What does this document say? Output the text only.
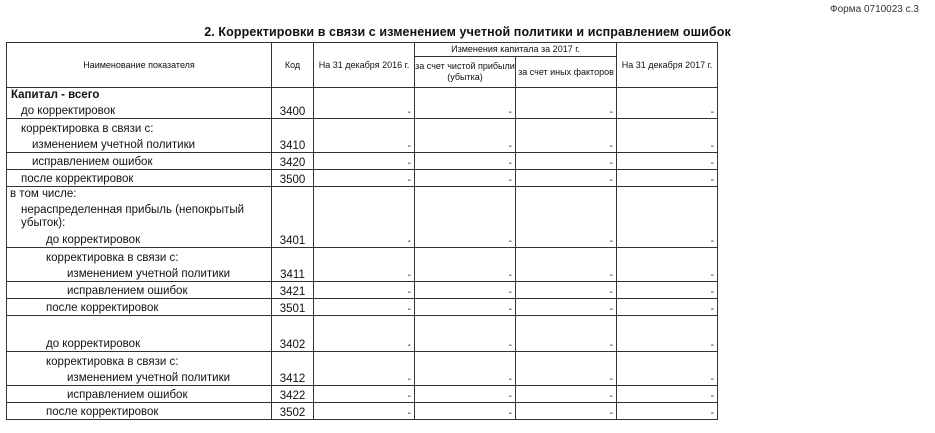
Форма 0710023 с.3
2. Корректировки в связи с изменением учетной политики и исправлением ошибок
Наименование показателя	Код	На 31 декабря 2016 г.	Изменения капитала за 2017 г.		На 31 декабря 2017 г.
			за счет чистой прибыли (убытка)	за счет иных факторов	
Капитал - всего					
до корректировок	3400	-	-	-	-
корректировка в связи с:					
изменением учетной политики	3410	-	-	-	-
исправлением ошибок	3420	-	-	-	-
после корректировок	3500	-	-	-	-
в том числе:					
нераспределенная прибыль (непокрытый убыток):					
до корректировок	3401	-	-	-	-
корректировка в связи с:					
изменением учетной политики	3411	-	-	-	-
исправлением ошибок	3421	-	-	-	-
после корректировок	3501	-	-	-	-

до корректировок	3402	-	-	-	-
корректировка в связи с:					
изменением учетной политики	3412	-	-	-	-
исправлением ошибок	3422	-	-	-	-
после корректировок	3502	-	-	-	-
